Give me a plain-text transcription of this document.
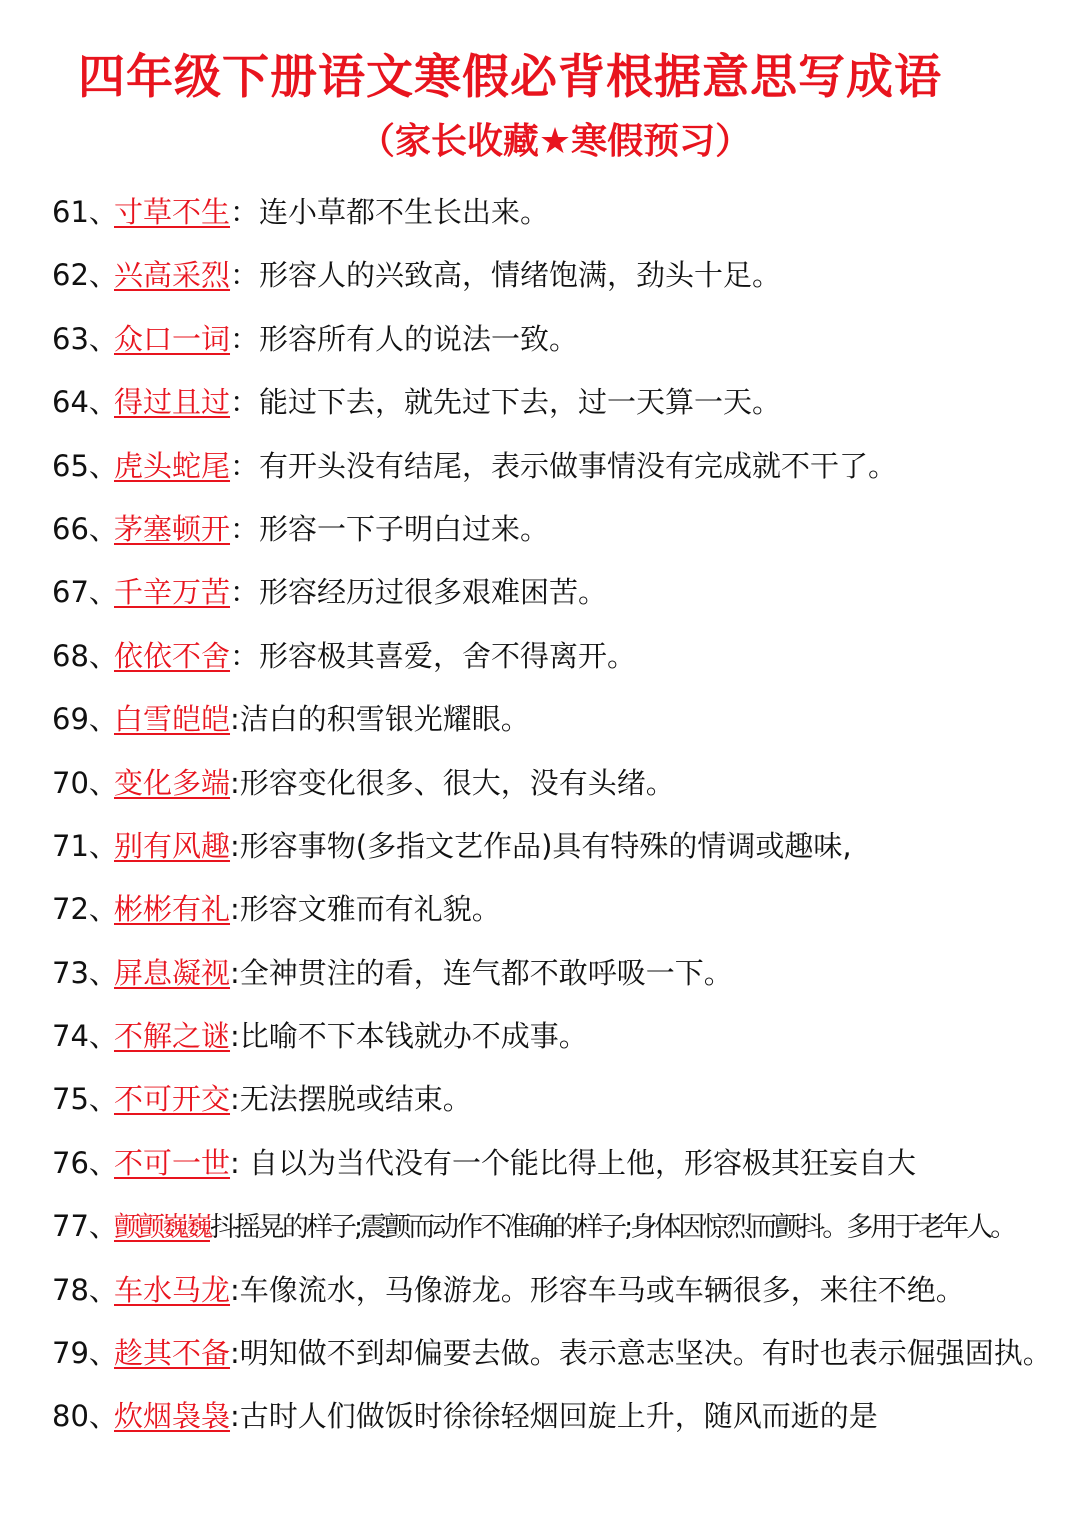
四年级下册语文寒假必背根据意思写成语
（家长收藏★寒假预习）
61、寸草不生：连小草都不生长出来。
62、兴高采烈：形容人的兴致高，情绪饱满，劲头十足。
63、众口一词：形容所有人的说法一致。
64、得过且过：能过下去，就先过下去，过一天算一天。
65、虎头蛇尾：有开头没有结尾，表示做事情没有完成就不干了。
66、茅塞顿开：形容一下子明白过来。
67、千辛万苦：形容经历过很多艰难困苦。
68、依依不舍：形容极其喜爱，舍不得离开。
69、白雪皑皑:洁白的积雪银光耀眼。
70、变化多端:形容变化很多、很大，没有头绪。
71、别有风趣:形容事物(多指文艺作品)具有特殊的情调或趣味,
72、彬彬有礼:形容文雅而有礼貌。
73、屏息凝视:全神贯注的看，连气都不敢呼吸一下。
74、不解之谜:比喻不下本钱就办不成事。
75、不可开交:无法摆脱或结束。
76、不可一世: 自以为当代没有一个能比得上他，形容极其狂妄自大
77、颤颤巍巍抖摇晃的样子;震颤而动作不准确的样子;身体因惊烈而颤抖。多用于老年人。
78、车水马龙:车像流水，马像游龙。形容车马或车辆很多，来往不绝。
79、趁其不备:明知做不到却偏要去做。表示意志坚决。有时也表示倔强固执。
80、炊烟袅袅:古时人们做饭时徐徐轻烟回旋上升，随风而逝的是
